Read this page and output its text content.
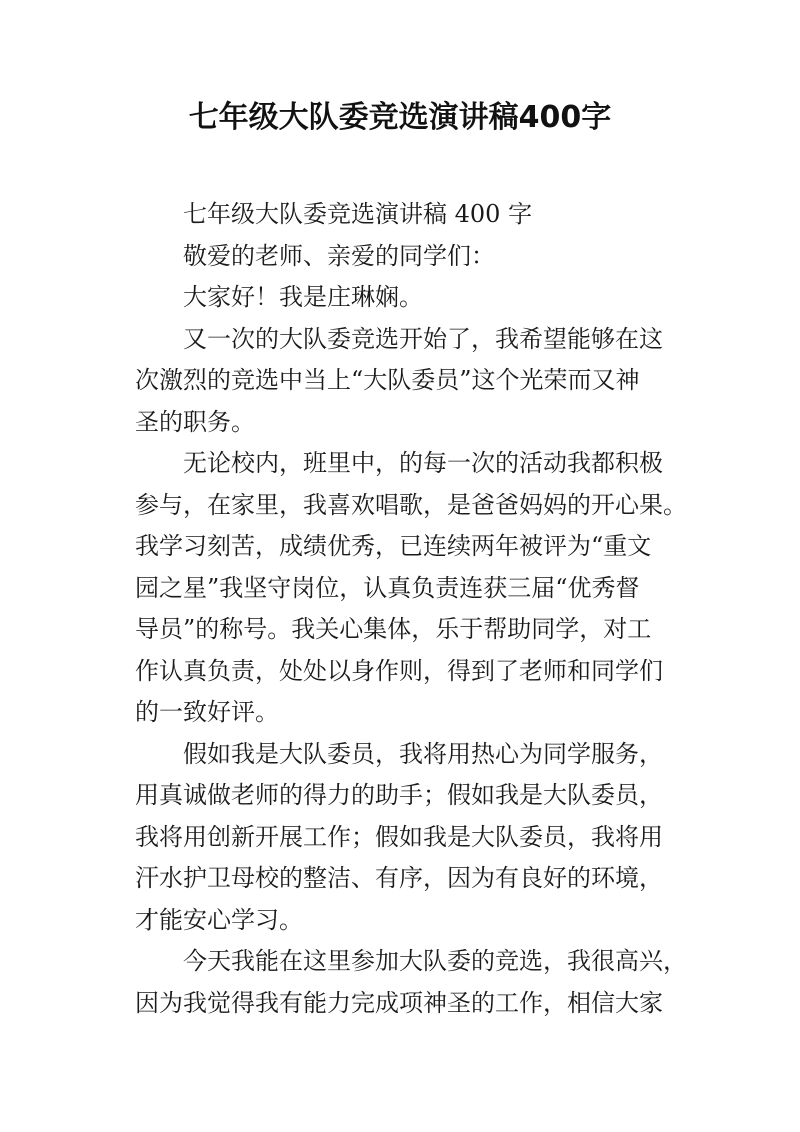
七年级大队委竞选演讲稿400字
七年级大队委竞选演讲稿 400 字
敬爱的老师、亲爱的同学们：
大家好！我是庄琳娴。
又一次的大队委竞选开始了，我希望能够在这
次激烈的竞选中当上“大队委员”这个光荣而又神
圣的职务。
无论校内，班里中，的每一次的活动我都积极
参与，在家里，我喜欢唱歌，是爸爸妈妈的开心果。
我学习刻苦，成绩优秀，已连续两年被评为“重文
园之星”我坚守岗位，认真负责连获三届“优秀督
导员”的称号。我关心集体，乐于帮助同学，对工
作认真负责，处处以身作则，得到了老师和同学们
的一致好评。
假如我是大队委员，我将用热心为同学服务，
用真诚做老师的得力的助手；假如我是大队委员，
我将用创新开展工作；假如我是大队委员，我将用
汗水护卫母校的整洁、有序，因为有良好的环境，
才能安心学习。
今天我能在这里参加大队委的竞选，我很高兴，
因为我觉得我有能力完成项神圣的工作，相信大家
